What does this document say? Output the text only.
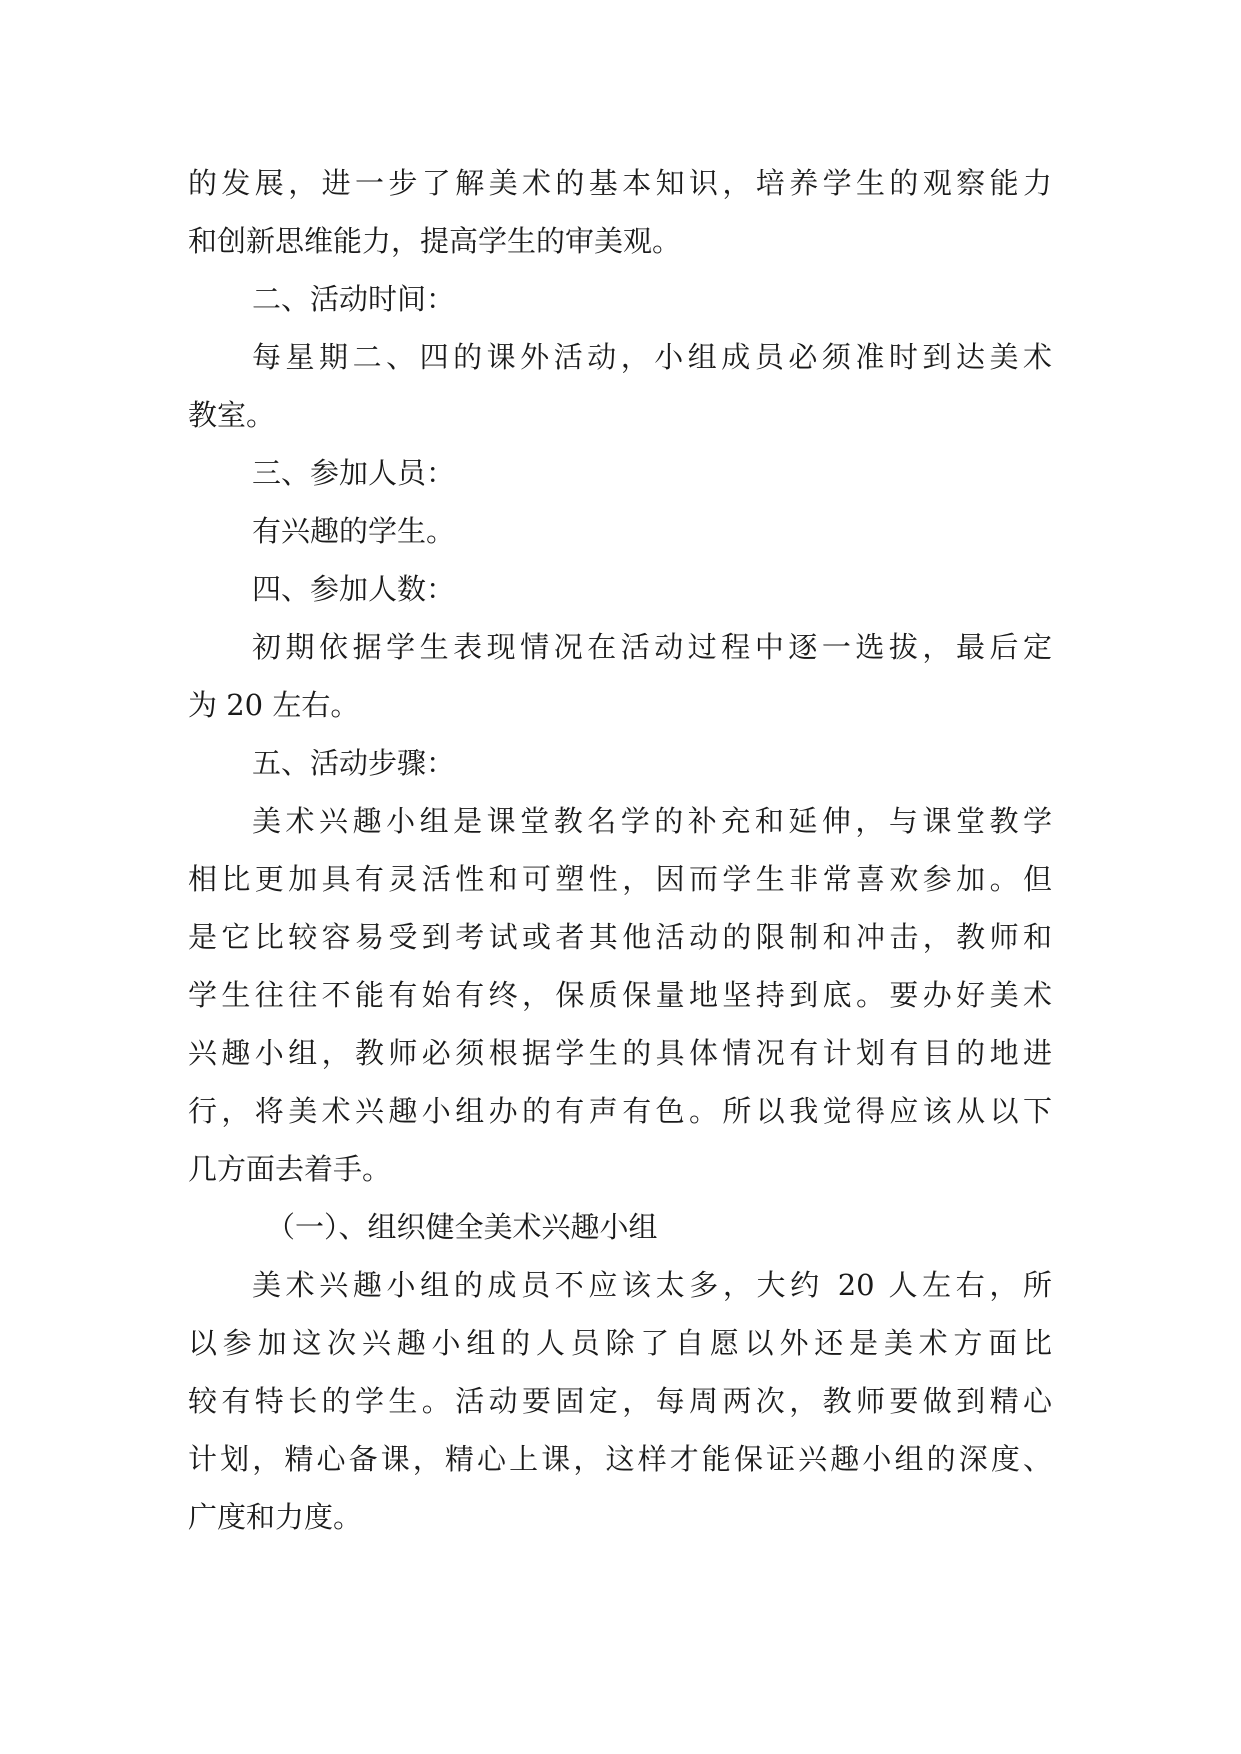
的发展，进一步了解美术的基本知识，培养学生的观察能力
和创新思维能力，提高学生的审美观。
二、活动时间：
每星期二、四的课外活动，小组成员必须准时到达美术
教室。
三、参加人员：
有兴趣的学生。
四、参加人数：
初期依据学生表现情况在活动过程中逐一选拔，最后定
为 20 左右。
五、活动步骤：
美术兴趣小组是课堂教名学的补充和延伸，与课堂教学
相比更加具有灵活性和可塑性，因而学生非常喜欢参加。但
是它比较容易受到考试或者其他活动的限制和冲击，教师和
学生往往不能有始有终，保质保量地坚持到底。要办好美术
兴趣小组，教师必须根据学生的具体情况有计划有目的地进
行，将美术兴趣小组办的有声有色。所以我觉得应该从以下
几方面去着手。
（一）、组织健全美术兴趣小组
美术兴趣小组的成员不应该太多，大约 20 人左右，所
以参加这次兴趣小组的人员除了自愿以外还是美术方面比
较有特长的学生。活动要固定，每周两次，教师要做到精心
计划，精心备课，精心上课，这样才能保证兴趣小组的深度、
广度和力度。
